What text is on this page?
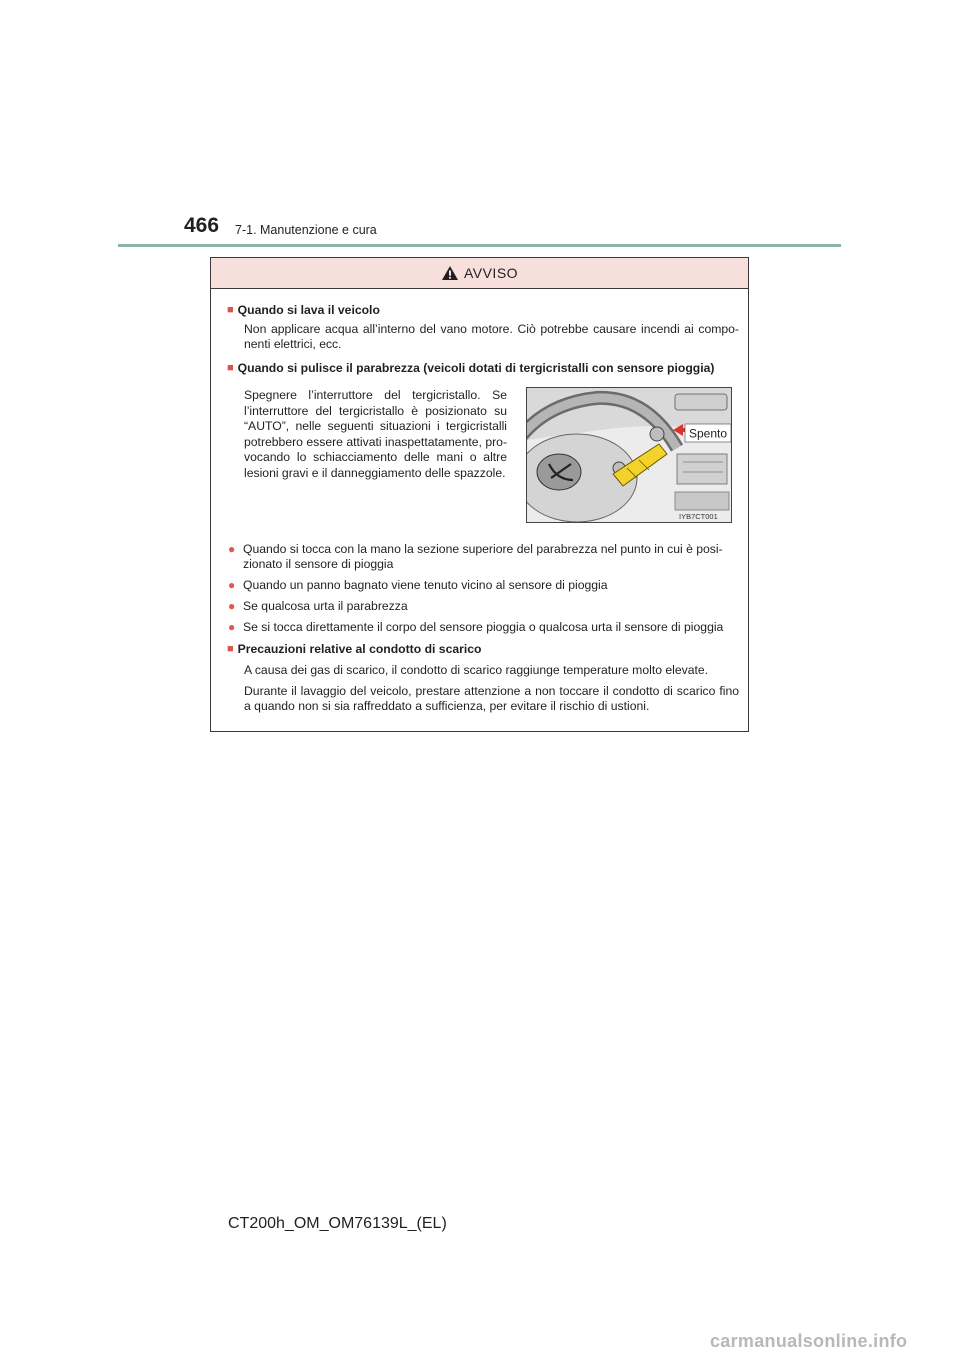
466 7-1. Manutenzione e cura
AVVISO
■ Quando si lava il veicolo
Non applicare acqua all’interno del vano motore. Ciò potrebbe causare incendi ai compo- nenti elettrici, ecc.
■ Quando si pulisce il parabrezza (veicoli dotati di tergicristalli con sensore pioggia)
Spegnere l’interruttore del tergicristallo. Se l’interruttore del tergicristallo è posizionato su “AUTO”, nelle seguenti situazioni i tergicristalli potrebbero essere attivati inaspettatamente, pro- vocando lo schiacciamento delle mani o altre lesioni gravi e il danneggiamento delle spazzole.
Spento
IYB7CT001
● Quando si tocca con la mano la sezione superiore del parabrezza nel punto in cui è posi- zionato il sensore di pioggia
● Quando un panno bagnato viene tenuto vicino al sensore di pioggia
● Se qualcosa urta il parabrezza
● Se si tocca direttamente il corpo del sensore pioggia o qualcosa urta il sensore di pioggia
■ Precauzioni relative al condotto di scarico
A causa dei gas di scarico, il condotto di scarico raggiunge temperature molto elevate.
Durante il lavaggio del veicolo, prestare attenzione a non toccare il condotto di scarico fino a quando non si sia raffreddato a sufficienza, per evitare il rischio di ustioni.
CT200h_OM_OM76139L_(EL)
carmanualsonline.info
